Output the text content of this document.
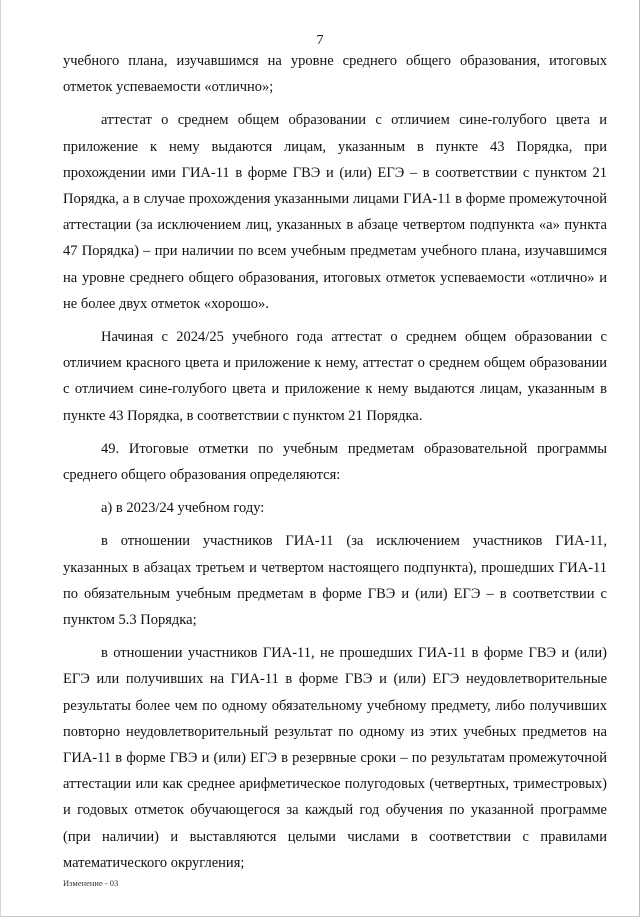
7

учебного плана, изучавшимся на уровне среднего общего образования, итоговых отметок успеваемости «отлично»;

аттестат о среднем общем образовании с отличием сине-голубого цвета и приложение к нему выдаются лицам, указанным в пункте 43 Порядка, при прохождении ими ГИА-11 в форме ГВЭ и (или) ЕГЭ – в соответствии с пунктом 21 Порядка, а в случае прохождения указанными лицами ГИА-11 в форме промежуточной аттестации (за исключением лиц, указанных в абзаце четвертом подпункта «а» пункта 47 Порядка) – при наличии по всем учебным предметам учебного плана, изучавшимся на уровне среднего общего образования, итоговых отметок успеваемости «отлично» и не более двух отметок «хорошо».

Начиная с 2024/25 учебного года аттестат о среднем общем образовании с отличием красного цвета и приложение к нему, аттестат о среднем общем образовании с отличием сине-голубого цвета и приложение к нему выдаются лицам, указанным в пункте 43 Порядка, в соответствии с пунктом 21 Порядка.

49. Итоговые отметки по учебным предметам образовательной программы среднего общего образования определяются:

а) в 2023/24 учебном году:

в отношении участников ГИА-11 (за исключением участников ГИА-11, указанных в абзацах третьем и четвертом настоящего подпункта), прошедших ГИА-11 по обязательным учебным предметам в форме ГВЭ и (или) ЕГЭ – в соответствии с пунктом 5.3 Порядка;

в отношении участников ГИА-11, не прошедших ГИА-11 в форме ГВЭ и (или) ЕГЭ или получивших на ГИА-11 в форме ГВЭ и (или) ЕГЭ неудовлетворительные результаты более чем по одному обязательному учебному предмету, либо получивших повторно неудовлетворительный результат по одному из этих учебных предметов на ГИА-11 в форме ГВЭ и (или) ЕГЭ в резервные сроки – по результатам промежуточной аттестации или как среднее арифметическое полугодовых (четвертных, триместровых) и годовых отметок обучающегося за каждый год обучения по указанной программе (при наличии) и выставляются целыми числами в соответствии с правилами математического округления;

Изменение - 03
